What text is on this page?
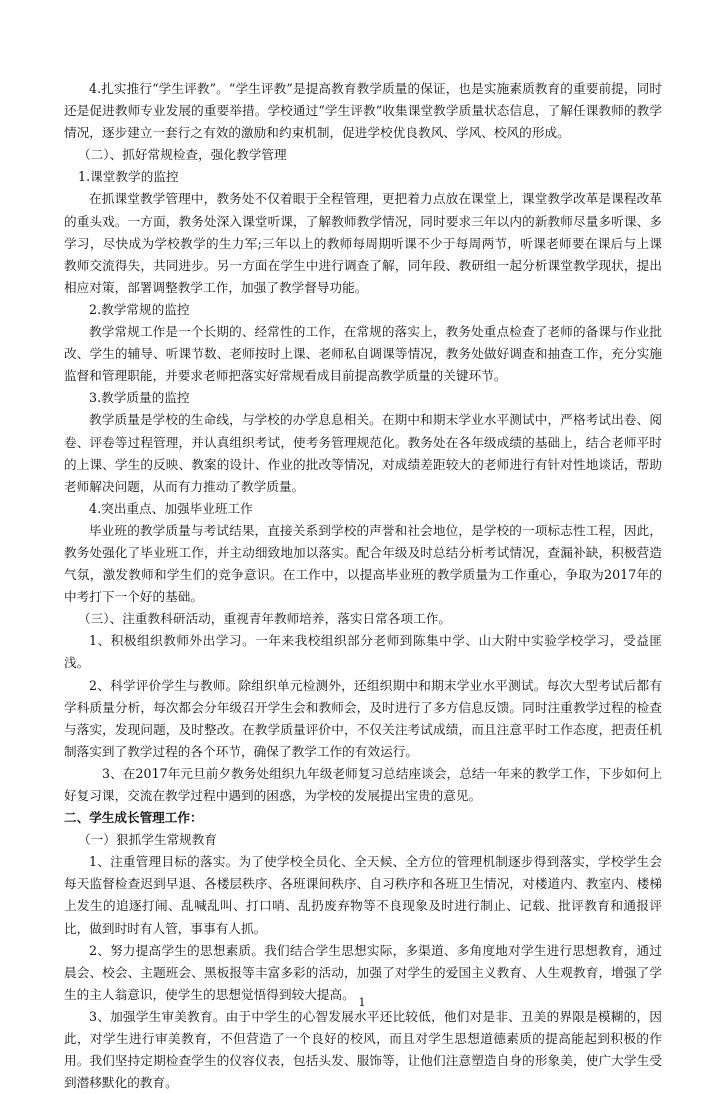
4.扎实推行“学生评教”。“学生评教”是提高教育教学质量的保证，也是实施素质教育的重要前提，同时还是促进教师专业发展的重要举措。学校通过“学生评教”收集课堂教学质量状态信息，了解任课教师的教学情况，逐步建立一套行之有效的激励和约束机制，促进学校优良教风、学风、校风的形成。

（二）、抓好常规检查，强化教学管理

1.课堂教学的监控

在抓课堂教学管理中，教务处不仅着眼于全程管理，更把着力点放在课堂上，课堂教学改革是课程改革的重头戏。一方面，教务处深入课堂听课，了解教师教学情况，同时要求三年以内的新教师尽量多听课、多学习，尽快成为学校教学的生力军;三年以上的教师每周期听课不少于每周两节，听课老师要在课后与上课教师交流得失，共同进步。另一方面在学生中进行调查了解，同年段、教研组一起分析课堂教学现状，提出相应对策，部署调整教学工作，加强了教学督导功能。

2.教学常规的监控

教学常规工作是一个长期的、经常性的工作，在常规的落实上，教务处重点检查了老师的备课与作业批改、学生的辅导、听课节数、老师按时上课、老师私自调课等情况，教务处做好调查和抽查工作，充分实施监督和管理职能，并要求老师把落实好常规看成目前提高教学质量的关键环节。

3.教学质量的监控

教学质量是学校的生命线，与学校的办学息息相关。在期中和期末学业水平测试中，严格考试出卷、阅卷、评卷等过程管理，并认真组织考试，使考务管理规范化。教务处在各年级成绩的基础上，结合老师平时的上课、学生的反映、教案的设计、作业的批改等情况，对成绩差距较大的老师进行有针对性地谈话，帮助老师解决问题，从而有力推动了教学质量。

4.突出重点、加强毕业班工作

毕业班的教学质量与考试结果，直接关系到学校的声誉和社会地位，是学校的一项标志性工程，因此，教务处强化了毕业班工作，并主动细致地加以落实。配合年级及时总结分析考试情况，查漏补缺，积极营造气氛，激发教师和学生们的竞争意识。在工作中，以提高毕业班的教学质量为工作重心，争取为2017年的中考打下一个好的基础。

（三）、注重教科研活动，重视青年教师培养，落实日常各项工作。

1、积极组织教师外出学习。一年来我校组织部分老师到陈集中学、山大附中实验学校学习，受益匪浅。

2、科学评价学生与教师。除组织单元检测外，还组织期中和期末学业水平测试。每次大型考试后都有学科质量分析，每次都会分年级召开学生会和教师会，及时进行了多方信息反馈。同时注重教学过程的检查与落实，发现问题，及时整改。在教学质量评价中，不仅关注考试成绩，而且注意平时工作态度，把责任机制落实到了教学过程的各个环节，确保了教学工作的有效运行。

3、在2017年元旦前夕教务处组织九年级老师复习总结座谈会，总结一年来的教学工作，下步如何上好复习课，交流在教学过程中遇到的困惑，为学校的发展提出宝贵的意见。

二、学生成长管理工作：

（一）狠抓学生常规教育

1、注重管理目标的落实。为了使学校全员化、全天候、全方位的管理机制逐步得到落实，学校学生会每天监督检查迟到早退、各楼层秩序、各班课间秩序、自习秩序和各班卫生情况，对楼道内、教室内、楼梯上发生的追逐打闹、乱喊乱叫、打口哨、乱扔废弃物等不良现象及时进行制止、记载、批评教育和通报评比，做到时时有人管，事事有人抓。

2、努力提高学生的思想素质。我们结合学生思想实际，多渠道、多角度地对学生进行思想教育，通过晨会、校会、主题班会、黑板报等丰富多彩的活动，加强了对学生的爱国主义教育、人生观教育，增强了学生的主人翁意识，使学生的思想觉悟得到较大提高。

3、加强学生审美教育。由于中学生的心智发展水平还比较低，他们对是非、丑美的界限是模糊的，因此，对学生进行审美教育，不但营造了一个良好的校风，而且对学生思想道德素质的提高能起到积极的作用。我们坚持定期检查学生的仪容仪表，包括头发、服饰等，让他们注意塑造自身的形象美，使广大学生受到潜移默化的教育。

1
